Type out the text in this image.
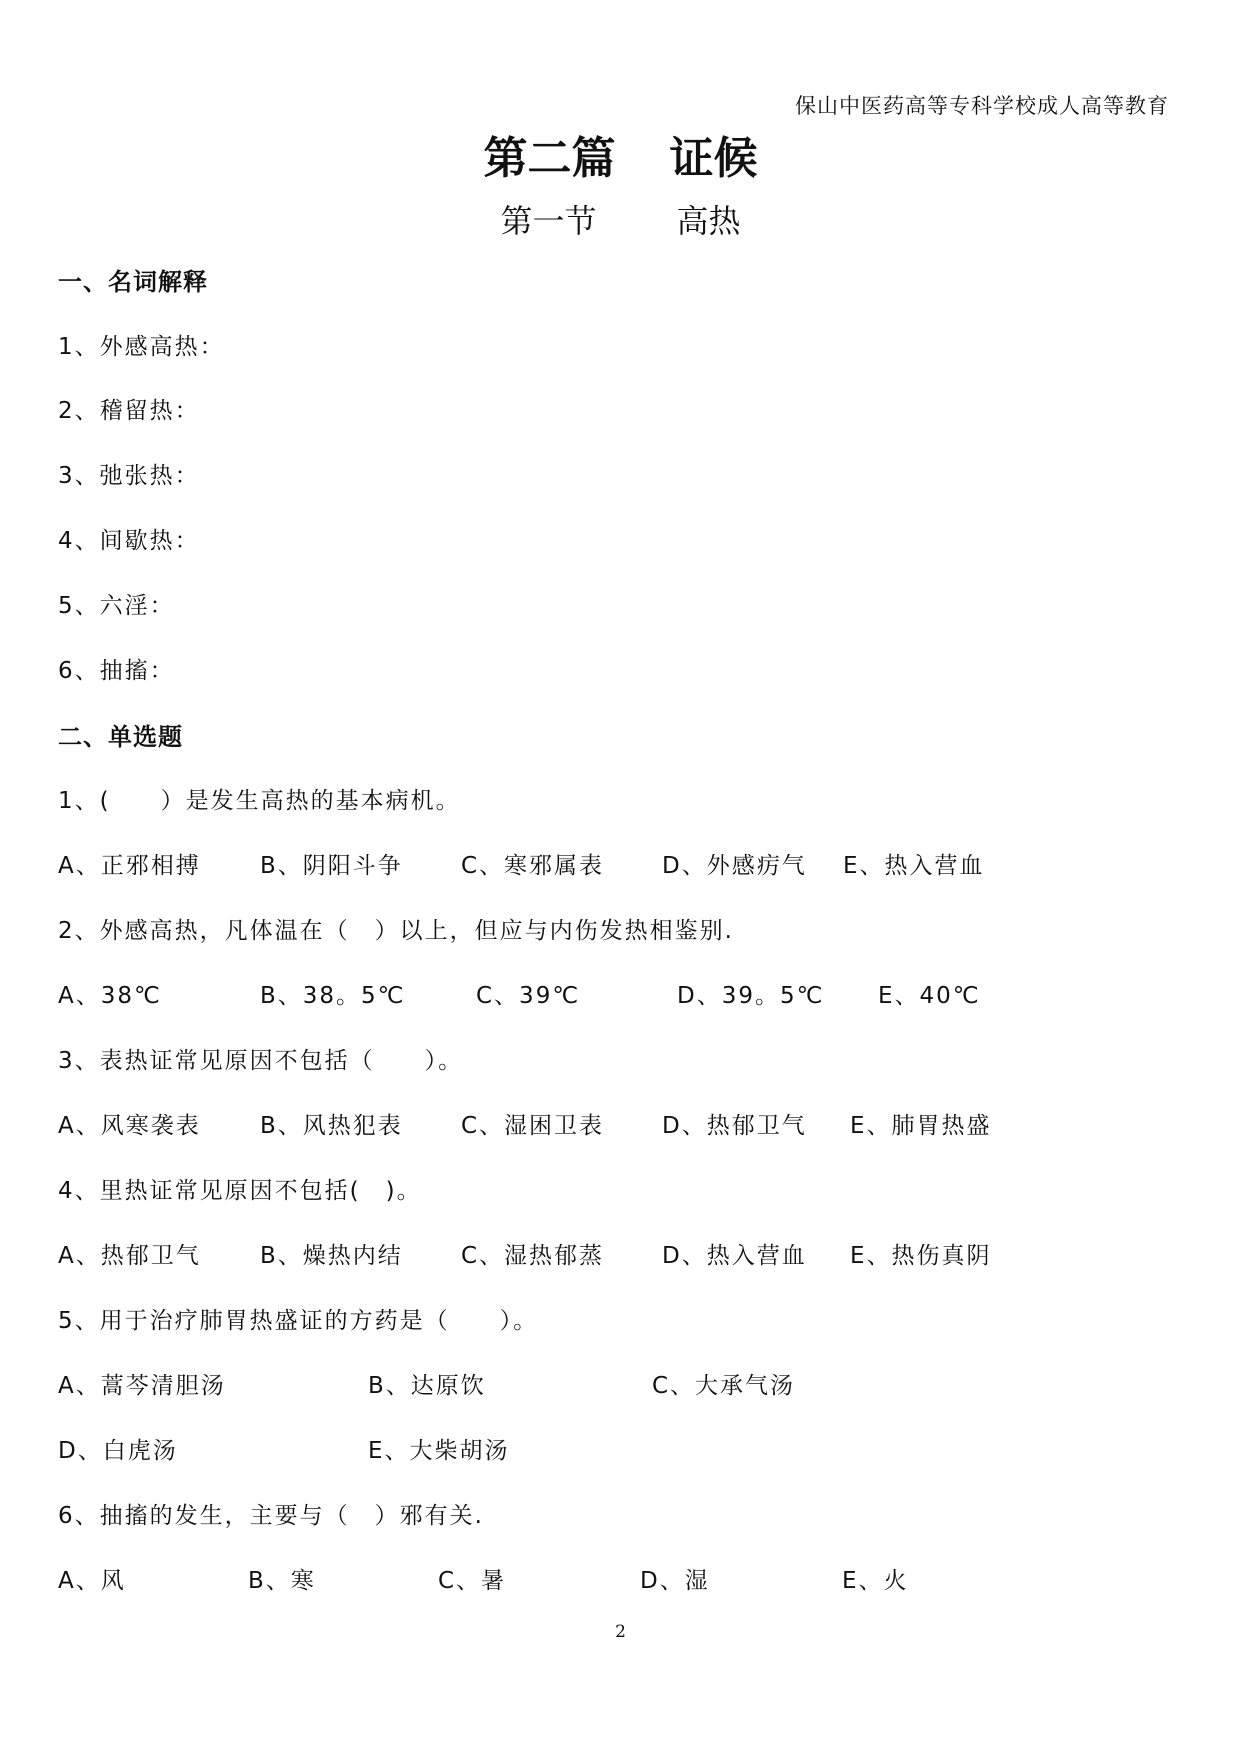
保山中医药高等专科学校成人高等教育
第二篇 证候
第一节	高热
一、名词解释
1、外感高热：
2、稽留热：
3、弛张热：
4、间歇热：
5、六淫：
6、抽搐：
二、单选题
1、(　　）是发生高热的基本病机。
A、正邪相搏	B、阴阳斗争	C、寒邪属表	D、外感疠气 E、热入营血
2、外感高热，凡体温在（　）以上，但应与内伤发热相鉴别.
A、38℃	B、38。5℃	C、39℃	D、39。5℃ E、40℃
3、表热证常见原因不包括（　　）。
A、风寒袭表	B、风热犯表	C、湿困卫表	D、热郁卫气 E、肺胃热盛
4、里热证常见原因不包括(　)。
A、热郁卫气	B、燥热内结	C、湿热郁蒸	D、热入营血 E、热伤真阴
5、用于治疗肺胃热盛证的方药是（　　）。
A、蒿芩清胆汤	B、达原饮	C、大承气汤
D、白虎汤	E、大柴胡汤
6、抽搐的发生，主要与（　）邪有关.
A、风	B、寒	C、暑	D、湿	E、火
2
